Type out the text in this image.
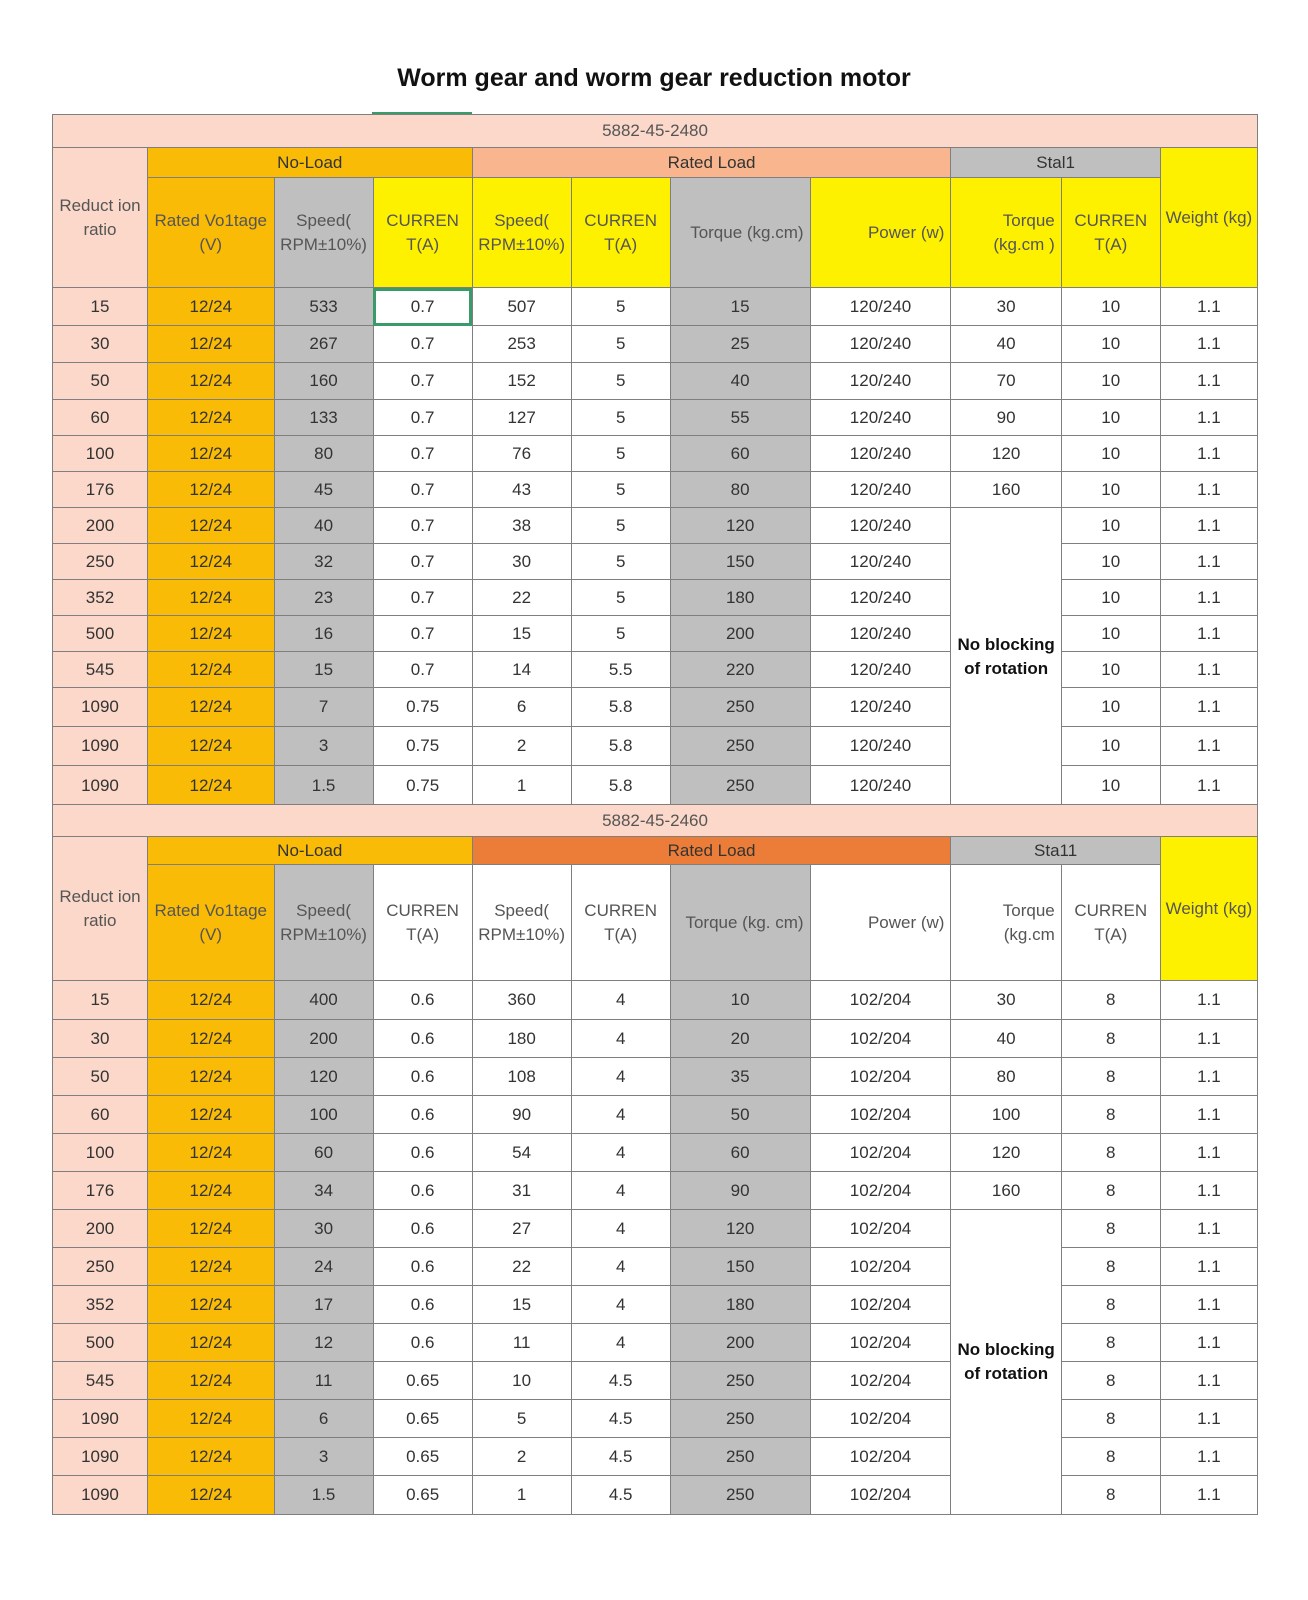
Worm gear and worm gear reduction motor
5882-45-2480										
Reduct ion ratio	No-Load			Rated Load				Stal1		Weight (kg)
	Rated Vo1tage (V)	Speed( RPM±10%)	CURREN T(A)	Speed( RPM±10%)	CURREN T(A)	Torque (kg.cm)	Power (w)	Torque (kg.cm )	CURREN T(A)	
15	12/24	533	0.7	507	5	15	120/240	30	10	1.1
30	12/24	267	0.7	253	5	25	120/240	40	10	1.1
50	12/24	160	0.7	152	5	40	120/240	70	10	1.1
60	12/24	133	0.7	127	5	55	120/240	90	10	1.1
100	12/24	80	0.7	76	5	60	120/240	120	10	1.1
176	12/24	45	0.7	43	5	80	120/240	160	10	1.1
200	12/24	40	0.7	38	5	120	120/240	No blocking of rotation	10	1.1
250	12/24	32	0.7	30	5	150	120/240		10	1.1
352	12/24	23	0.7	22	5	180	120/240		10	1.1
500	12/24	16	0.7	15	5	200	120/240		10	1.1
545	12/24	15	0.7	14	5.5	220	120/240		10	1.1
1090	12/24	7	0.75	6	5.8	250	120/240		10	1.1
1090	12/24	3	0.75	2	5.8	250	120/240		10	1.1
1090	12/24	1.5	0.75	1	5.8	250	120/240		10	1.1
5882-45-2460										
Reduct ion ratio	No-Load			Rated Load				Sta11		Weight (kg)
	Rated Vo1tage (V)	Speed( RPM±10%)	CURREN T(A)	Speed( RPM±10%)	CURREN T(A)	Torque (kg. cm)	Power (w)	Torque (kg.cm	CURREN T(A)	
15	12/24	400	0.6	360	4	10	102/204	30	8	1.1
30	12/24	200	0.6	180	4	20	102/204	40	8	1.1
50	12/24	120	0.6	108	4	35	102/204	80	8	1.1
60	12/24	100	0.6	90	4	50	102/204	100	8	1.1
100	12/24	60	0.6	54	4	60	102/204	120	8	1.1
176	12/24	34	0.6	31	4	90	102/204	160	8	1.1
200	12/24	30	0.6	27	4	120	102/204	No blocking of rotation	8	1.1
250	12/24	24	0.6	22	4	150	102/204		8	1.1
352	12/24	17	0.6	15	4	180	102/204		8	1.1
500	12/24	12	0.6	11	4	200	102/204		8	1.1
545	12/24	11	0.65	10	4.5	250	102/204		8	1.1
1090	12/24	6	0.65	5	4.5	250	102/204		8	1.1
1090	12/24	3	0.65	2	4.5	250	102/204		8	1.1
1090	12/24	1.5	0.65	1	4.5	250	102/204		8	1.1
